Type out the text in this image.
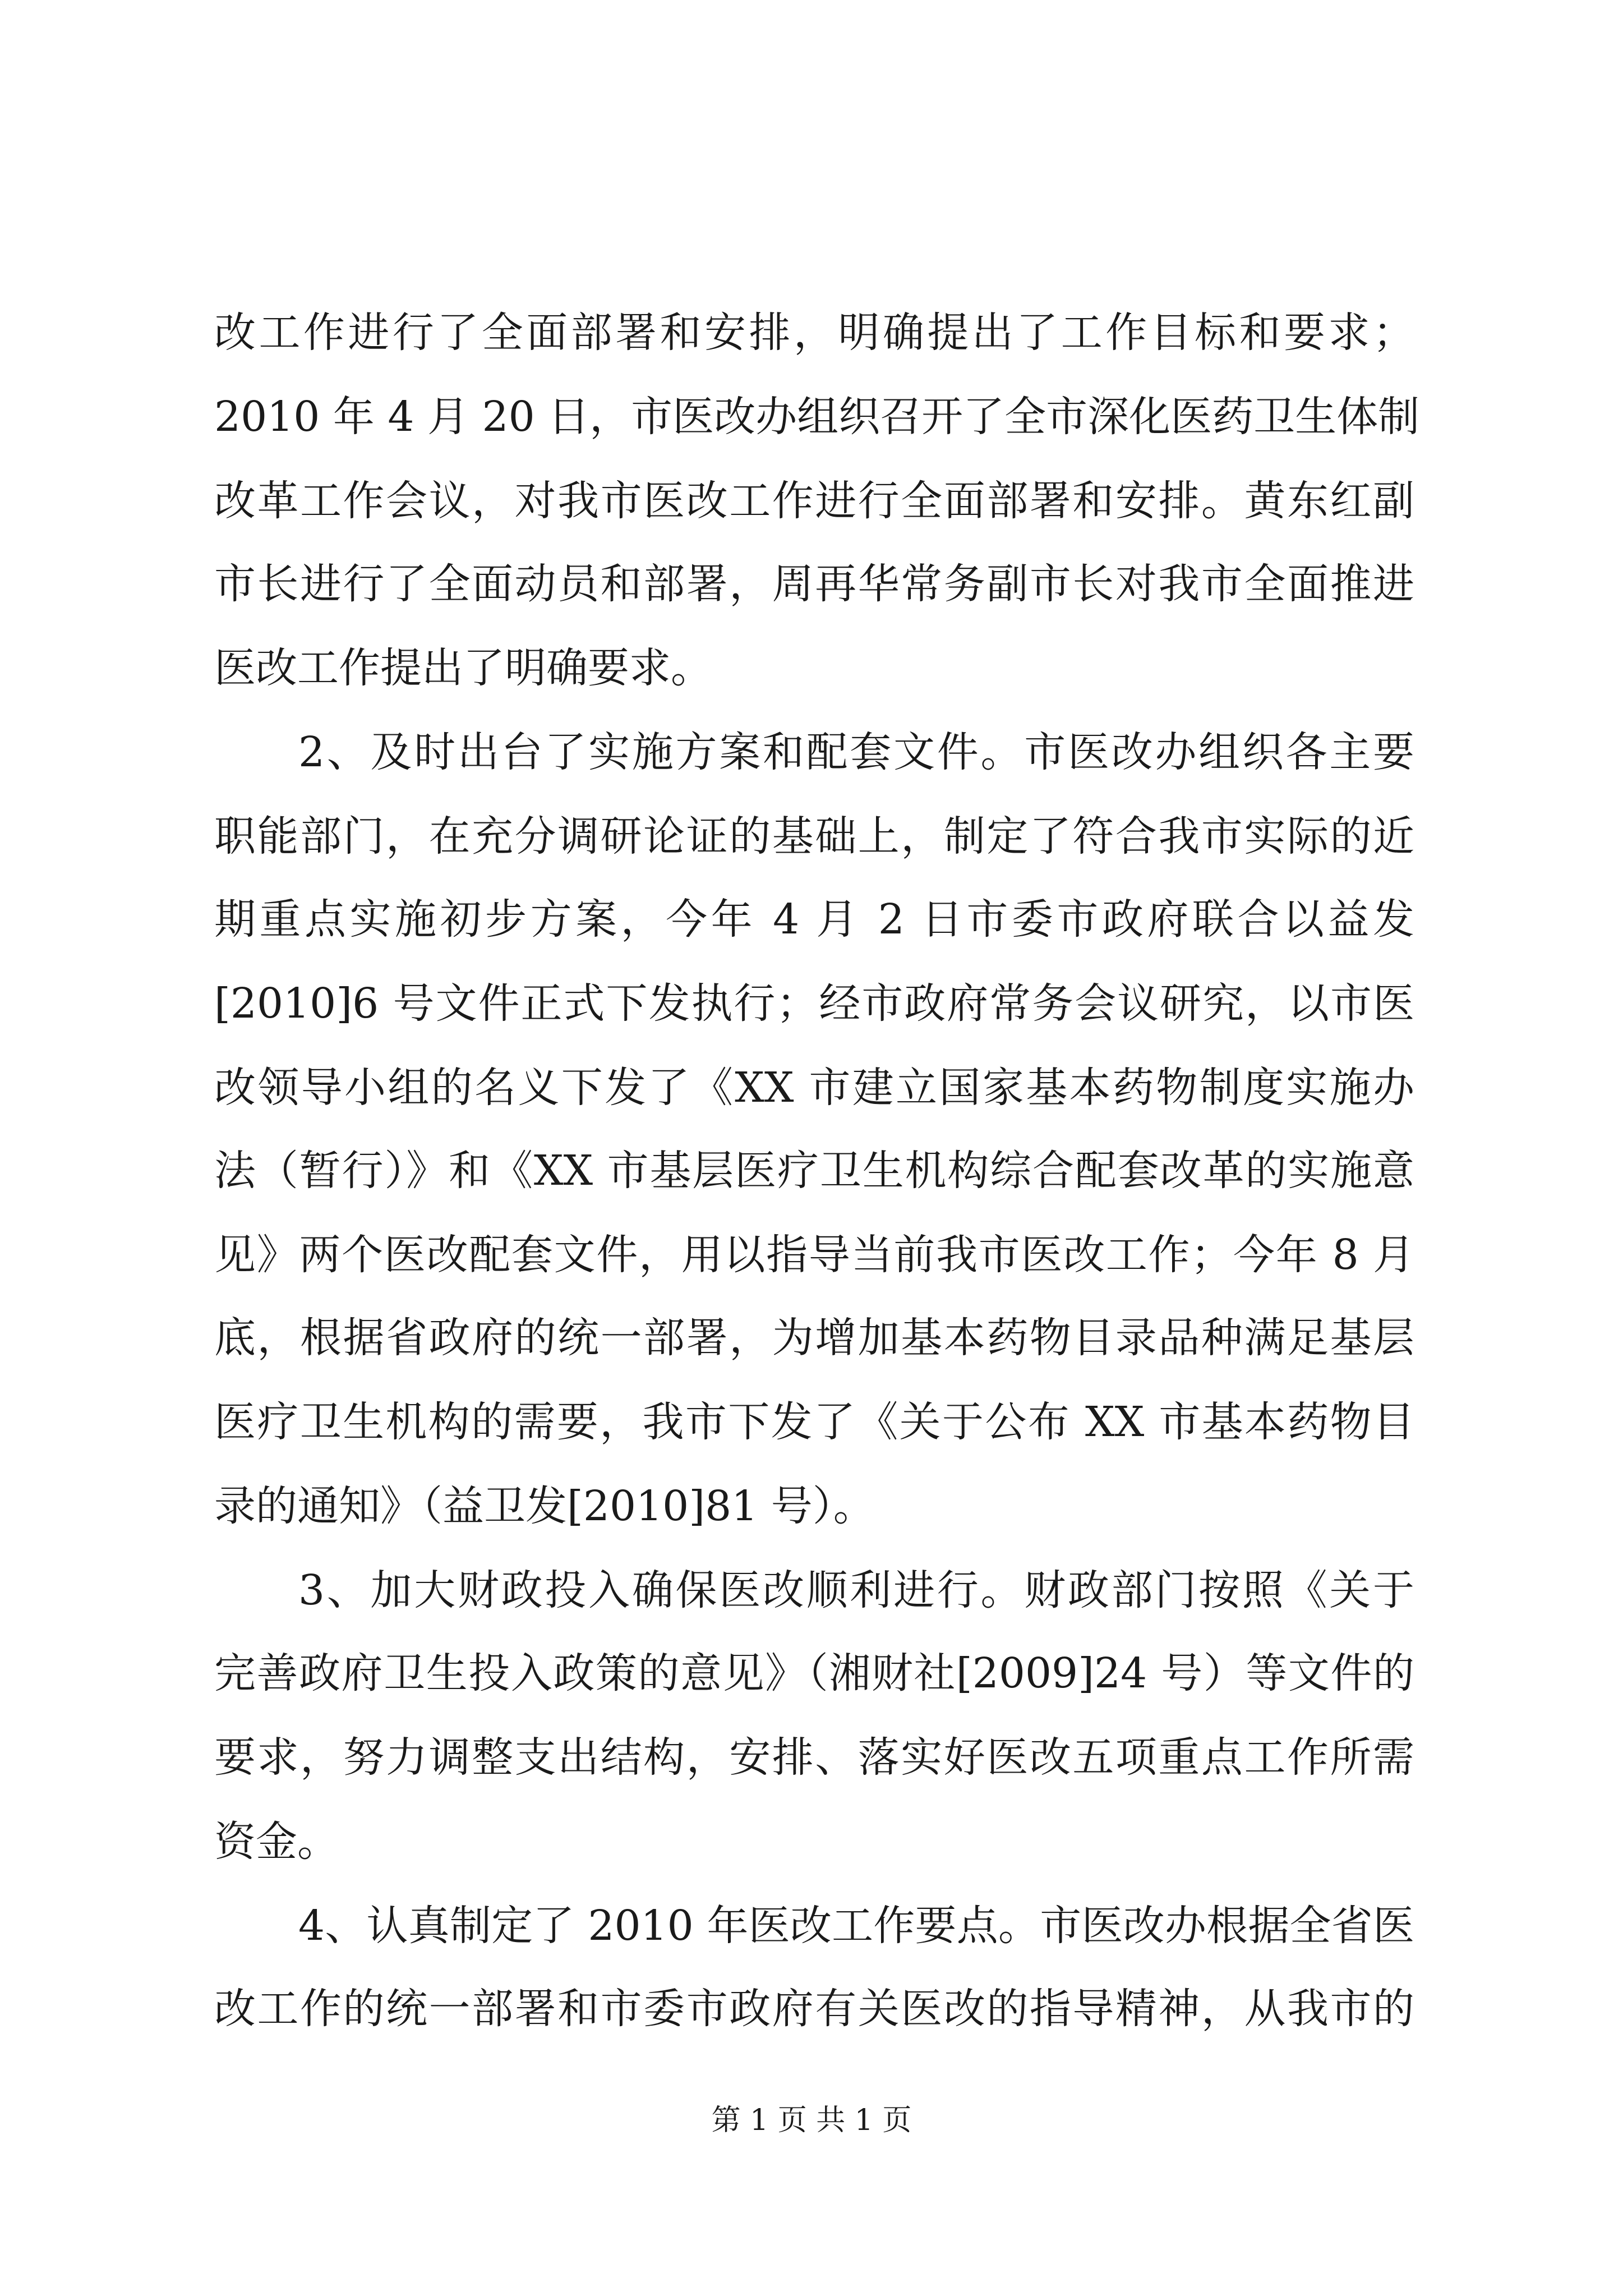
改工作进行了全面部署和安排，明确提出了工作目标和要求；
2010 年 4 月 20 日，市医改办组织召开了全市深化医药卫生体制
改革工作会议，对我市医改工作进行全面部署和安排。黄东红副
市长进行了全面动员和部署，周再华常务副市长对我市全面推进
医改工作提出了明确要求。
2、及时出台了实施方案和配套文件。市医改办组织各主要
职能部门，在充分调研论证的基础上，制定了符合我市实际的近
期重点实施初步方案，今年 4 月 2 日市委市政府联合以益发
[2010]6 号文件正式下发执行；经市政府常务会议研究，以市医
改领导小组的名义下发了《XX 市建立国家基本药物制度实施办
法（暂行）》和《XX 市基层医疗卫生机构综合配套改革的实施意
见》两个医改配套文件，用以指导当前我市医改工作；今年 8 月
底，根据省政府的统一部署，为增加基本药物目录品种满足基层
医疗卫生机构的需要，我市下发了《关于公布 XX 市基本药物目
录的通知》（益卫发[2010]81 号）。
3、加大财政投入确保医改顺利进行。财政部门按照《关于
完善政府卫生投入政策的意见》（湘财社[2009]24 号）等文件的
要求，努力调整支出结构，安排、落实好医改五项重点工作所需
资金。
4、认真制定了 2010 年医改工作要点。市医改办根据全省医
改工作的统一部署和市委市政府有关医改的指导精神，从我市的
第 1 页 共 1 页
